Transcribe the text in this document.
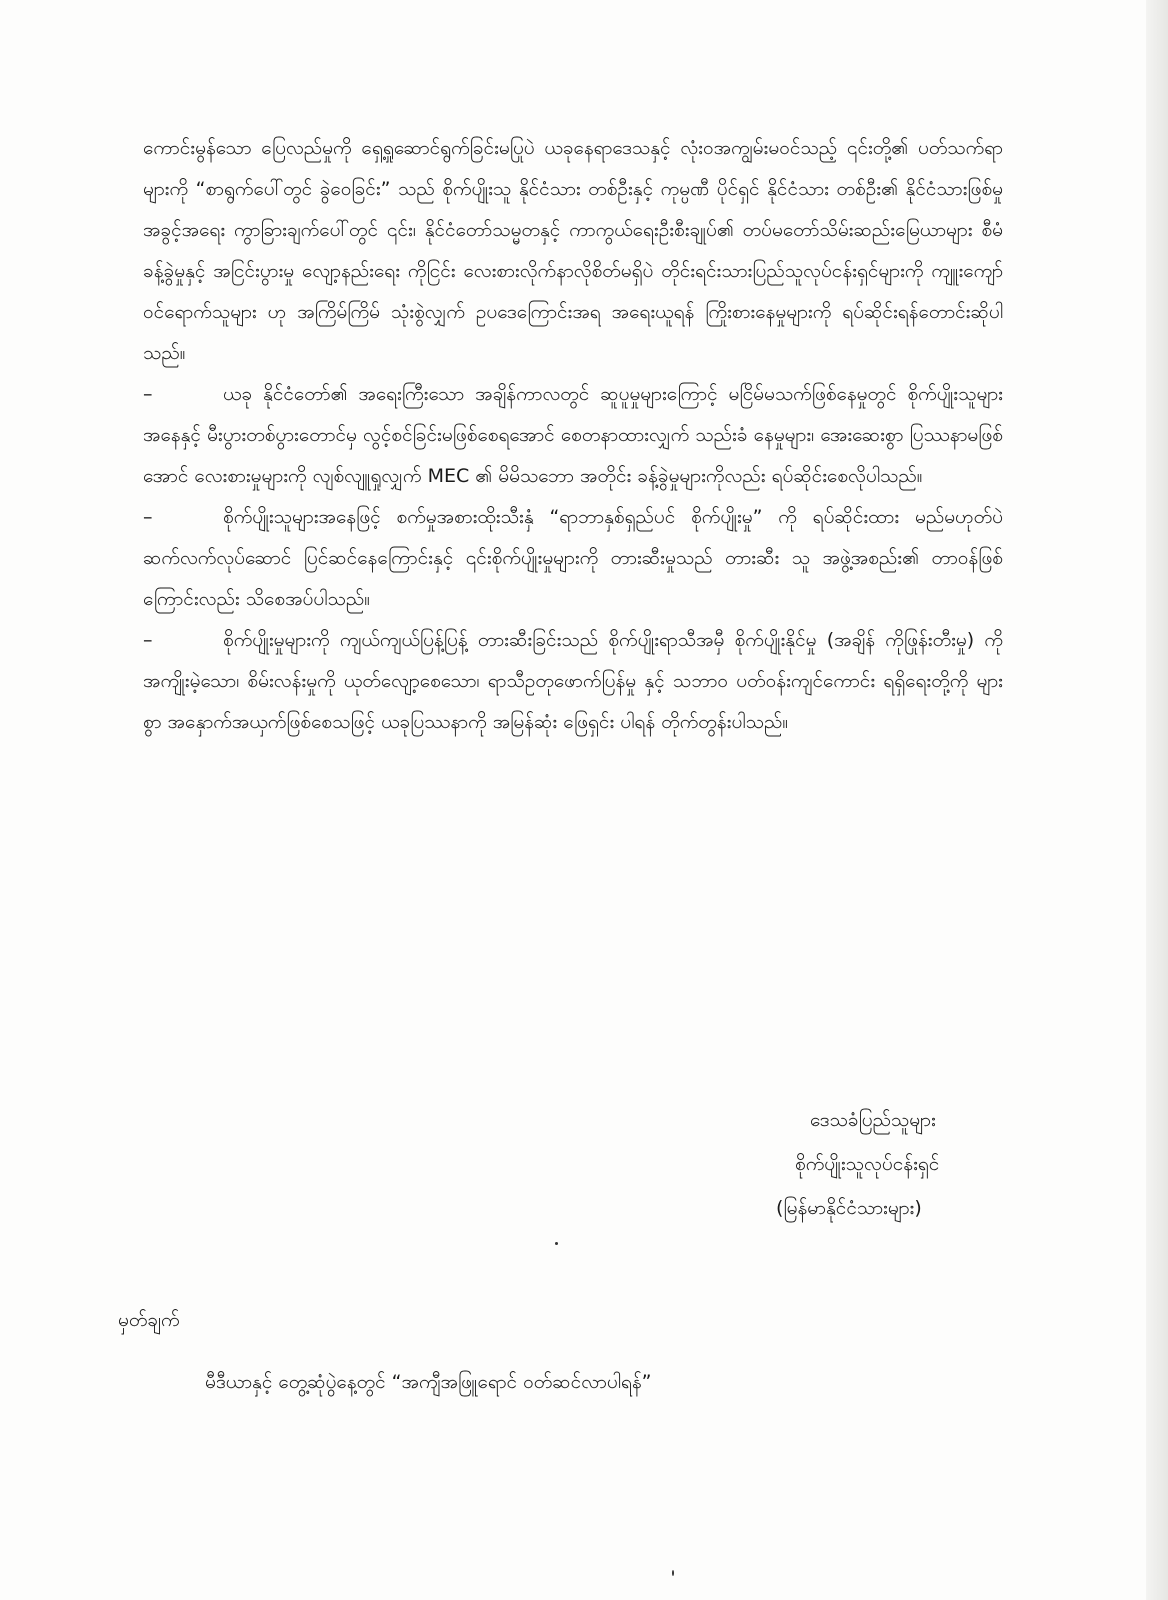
ကောင်းမွန်သော ပြေလည်မှုကို ရှေ့ရှုဆောင်ရွက်ခြင်းမပြုပဲ ယခုနေရာဒေသနှင့် လုံးဝအကျွမ်းမဝင်သည့် ၎င်းတို့၏ ပတ်သက်ရာများကို “စာရွက်ပေါ်တွင် ခွဲဝေခြင်း” သည် စိုက်ပျိုးသူ နိုင်ငံသား တစ်ဦးနှင့် ကုမ္ပဏီ ပိုင်ရှင် နိုင်ငံသား တစ်ဦး၏ နိုင်ငံသားဖြစ်မှုအခွင့်အရေး ကွာခြားချက်ပေါ်တွင် ၎င်း၊ နိုင်ငံတော်သမ္မတနှင့် ကာကွယ်ရေးဦးစီးချုပ်၏ တပ်မတော်သိမ်းဆည်းမြေယာများ စီမံခန့်ခွဲမှုနှင့် အငြင်းပွားမှု လျော့နည်းရေး ကိုငြင်း လေးစားလိုက်နာလိုစိတ်မရှိပဲ တိုင်းရင်းသားပြည်သူလုပ်ငန်းရှင်များကို ကျူးကျော်ဝင်ရောက်သူများ ဟု အကြိမ်ကြိမ် သုံးစွဲလျှက် ဥပဒေကြောင်းအရ အရေးယူရန် ကြိုးစားနေမှုများကို ရပ်ဆိုင်းရန်တောင်းဆိုပါ သည်။

–	ယခု နိုင်ငံတော်၏ အရေးကြီးသော အချိန်ကာလတွင် ဆူပူမှုများကြောင့် မငြိမ်မသက်ဖြစ်နေမှုတွင် စိုက်ပျိုးသူများအနေနှင့် မီးပွားတစ်ပွားတောင်မှ လွင့်စင်ခြင်းမဖြစ်စေရအောင် စေတနာထားလျှက် သည်းခံ နေမှုများ၊ အေးဆေးစွာ ပြဿနာမဖြစ်အောင် လေးစားမှုများကို လျစ်လျူရှုလျှက် MEC ၏ မိမိသဘော အတိုင်း ခန့်ခွဲမှုများကိုလည်း ရပ်ဆိုင်းစေလိုပါသည်။
–	စိုက်ပျိုးသူများအနေဖြင့် စက်မှုအစားထိုးသီးနှံ “ရာဘာနှစ်ရှည်ပင် စိုက်ပျိုးမှု” ကို ရပ်ဆိုင်းထား မည်မဟုတ်ပဲ ဆက်လက်လုပ်ဆောင် ပြင်ဆင်နေကြောင်းနှင့် ၎င်းစိုက်ပျိုးမှုများကို တားဆီးမှုသည် တားဆီး သူ အဖွဲ့အစည်း၏ တာဝန်ဖြစ်ကြောင်းလည်း သိစေအပ်ပါသည်။
–	စိုက်ပျိုးမှုများကို ကျယ်ကျယ်ပြန့်ပြန့် တားဆီးခြင်းသည် စိုက်ပျိုးရာသီအမှီ စိုက်ပျိုးနိုင်မှု (အချိန် ကိုဖြုန်းတီးမှု) ကို အကျိုးမဲ့သော၊ စိမ်းလန်းမှုကို ယုတ်လျော့စေသော၊ ရာသီဥတုဖောက်ပြန်မှု နှင့် သဘာဝ ပတ်ဝန်းကျင်ကောင်း ရရှိရေးတို့ကို များစွာ အနှောက်အယှက်ဖြစ်စေသဖြင့် ယခုပြဿနာကို အမြန်ဆုံး ဖြေရှင်း ပါရန် တိုက်တွန်းပါသည်။
ဒေသခံပြည်သူများ
စိုက်ပျိုးသူလုပ်ငန်းရှင်
(မြန်မာနိုင်ငံသားများ)
မှတ်ချက်
မီဒီယာနှင့် တွေ့ဆုံပွဲနေ့တွင် “အကျီအဖြူရောင် ဝတ်ဆင်လာပါရန်”
